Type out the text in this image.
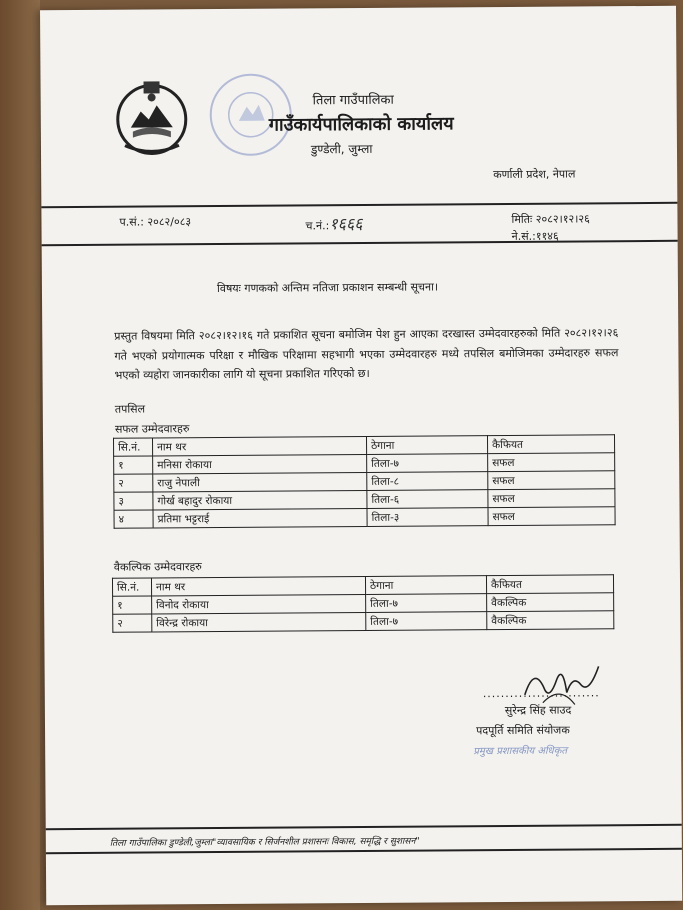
तिला गाउँपालिका
गाउँकार्यपालिकाको कार्यालय
डुण्डेली, जुम्ला
कर्णाली प्रदेश, नेपाल
प.सं.: २०८२/०८३	च.नं.:१६६६	मितिः २०८२।१२।२६
ने.सं.:११४६
विषयः गणकको अन्तिम नतिजा प्रकाशन सम्बन्धी सूचना।
प्रस्तुत विषयमा मिति २०८२।१२।१६ गते प्रकाशित सूचना बमोजिम पेश हुन आएका दरखास्त उम्मेदवारहरुको मिति २०८२।१२।२६ गते भएको प्रयोगात्मक परिक्षा र मौखिक परिक्षामा सहभागी भएका उम्मेदवारहरु मध्ये तपसिल बमोजिमका उम्मेदारहरु सफल भएको व्यहोरा जानकारीका लागि यो सूचना प्रकाशित गरिएको छ।
तपसिल
सफल उम्मेदवारहरु
सि.नं.	नाम थर	ठेगाना	कैफियत
१	मनिसा रोकाया	तिला-७	सफल
२	राजु नेपाली	तिला-८	सफल
३	गोर्ख बहादुर रोकाया	तिला-६	सफल
४	प्रतिमा भट्टराई	तिला-३	सफल
वैकल्पिक उम्मेदवारहरु
सि.नं.	नाम थर	ठेगाना	कैफियत
१	विनोद रोकाया	तिला-७	वैकल्पिक
२	विरेन्द्र रोकाया	तिला-७	वैकल्पिक
..........................
सुरेन्द्र सिंह साउद
पदपूर्ति समिति संयोजक
प्रमुख प्रशासकीय अधिकृत
तिला गाउँपालिका डुण्डेली,जुम्ला"व्यावसायिक र सिर्जनशील प्रशासनः विकास, समृद्धि र सुशासन"
